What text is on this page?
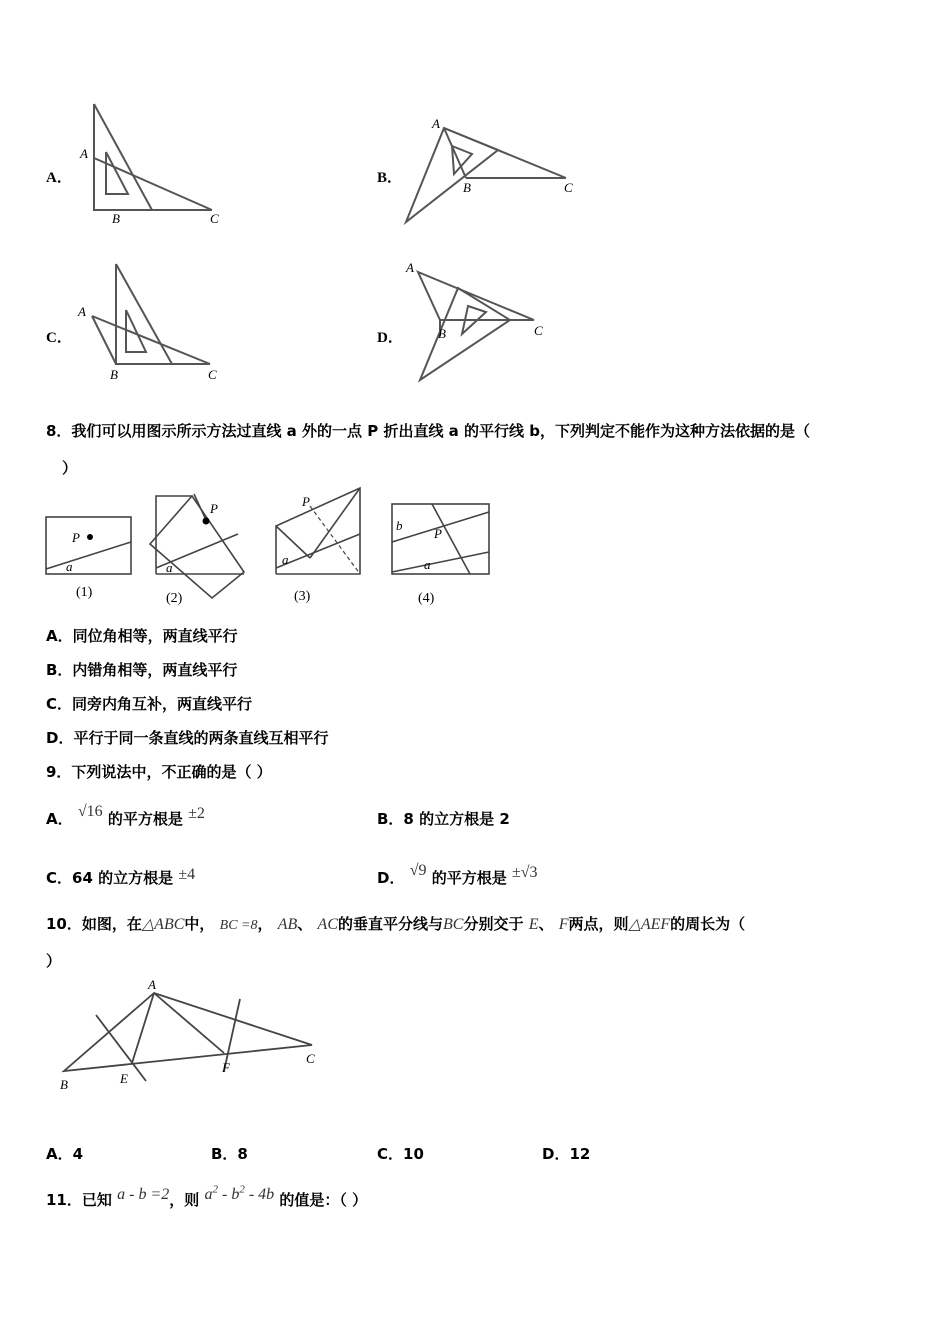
A．
A
B	C
B．
A
B	C
C．
A
B	C
D．
A
B	C
8．我们可以用图示所示方法过直线 a 外的一点 P 折出直线 a 的平行线 b，下列判定不能作为这种方法依据的是（
）
P
a
(1)
P
a
(2)
P
a
(3)
b
P
a
(4)
A．同位角相等，两直线平行
B．内错角相等，两直线平行
C．同旁内角互补，两直线平行
D．平行于同一条直线的两条直线互相平行
9．下列说法中，不正确的是（ ）
A． √16 的平方根是 ±2	B．8 的立方根是 2
C．64 的立方根是 ±4	D． √9 的平方根是 ±√3
10．如图，在△ABC中， BC =8， AB、 AC的垂直平分线与BC分别交于 E、 F两点，则△AEF的周长为（
）
A
B	E
F
C
A．4	B．8	C．10	D．12
11．已知 a - b =2，则 $a^2 - b^2 - 4b$ 的值是：（ ）
